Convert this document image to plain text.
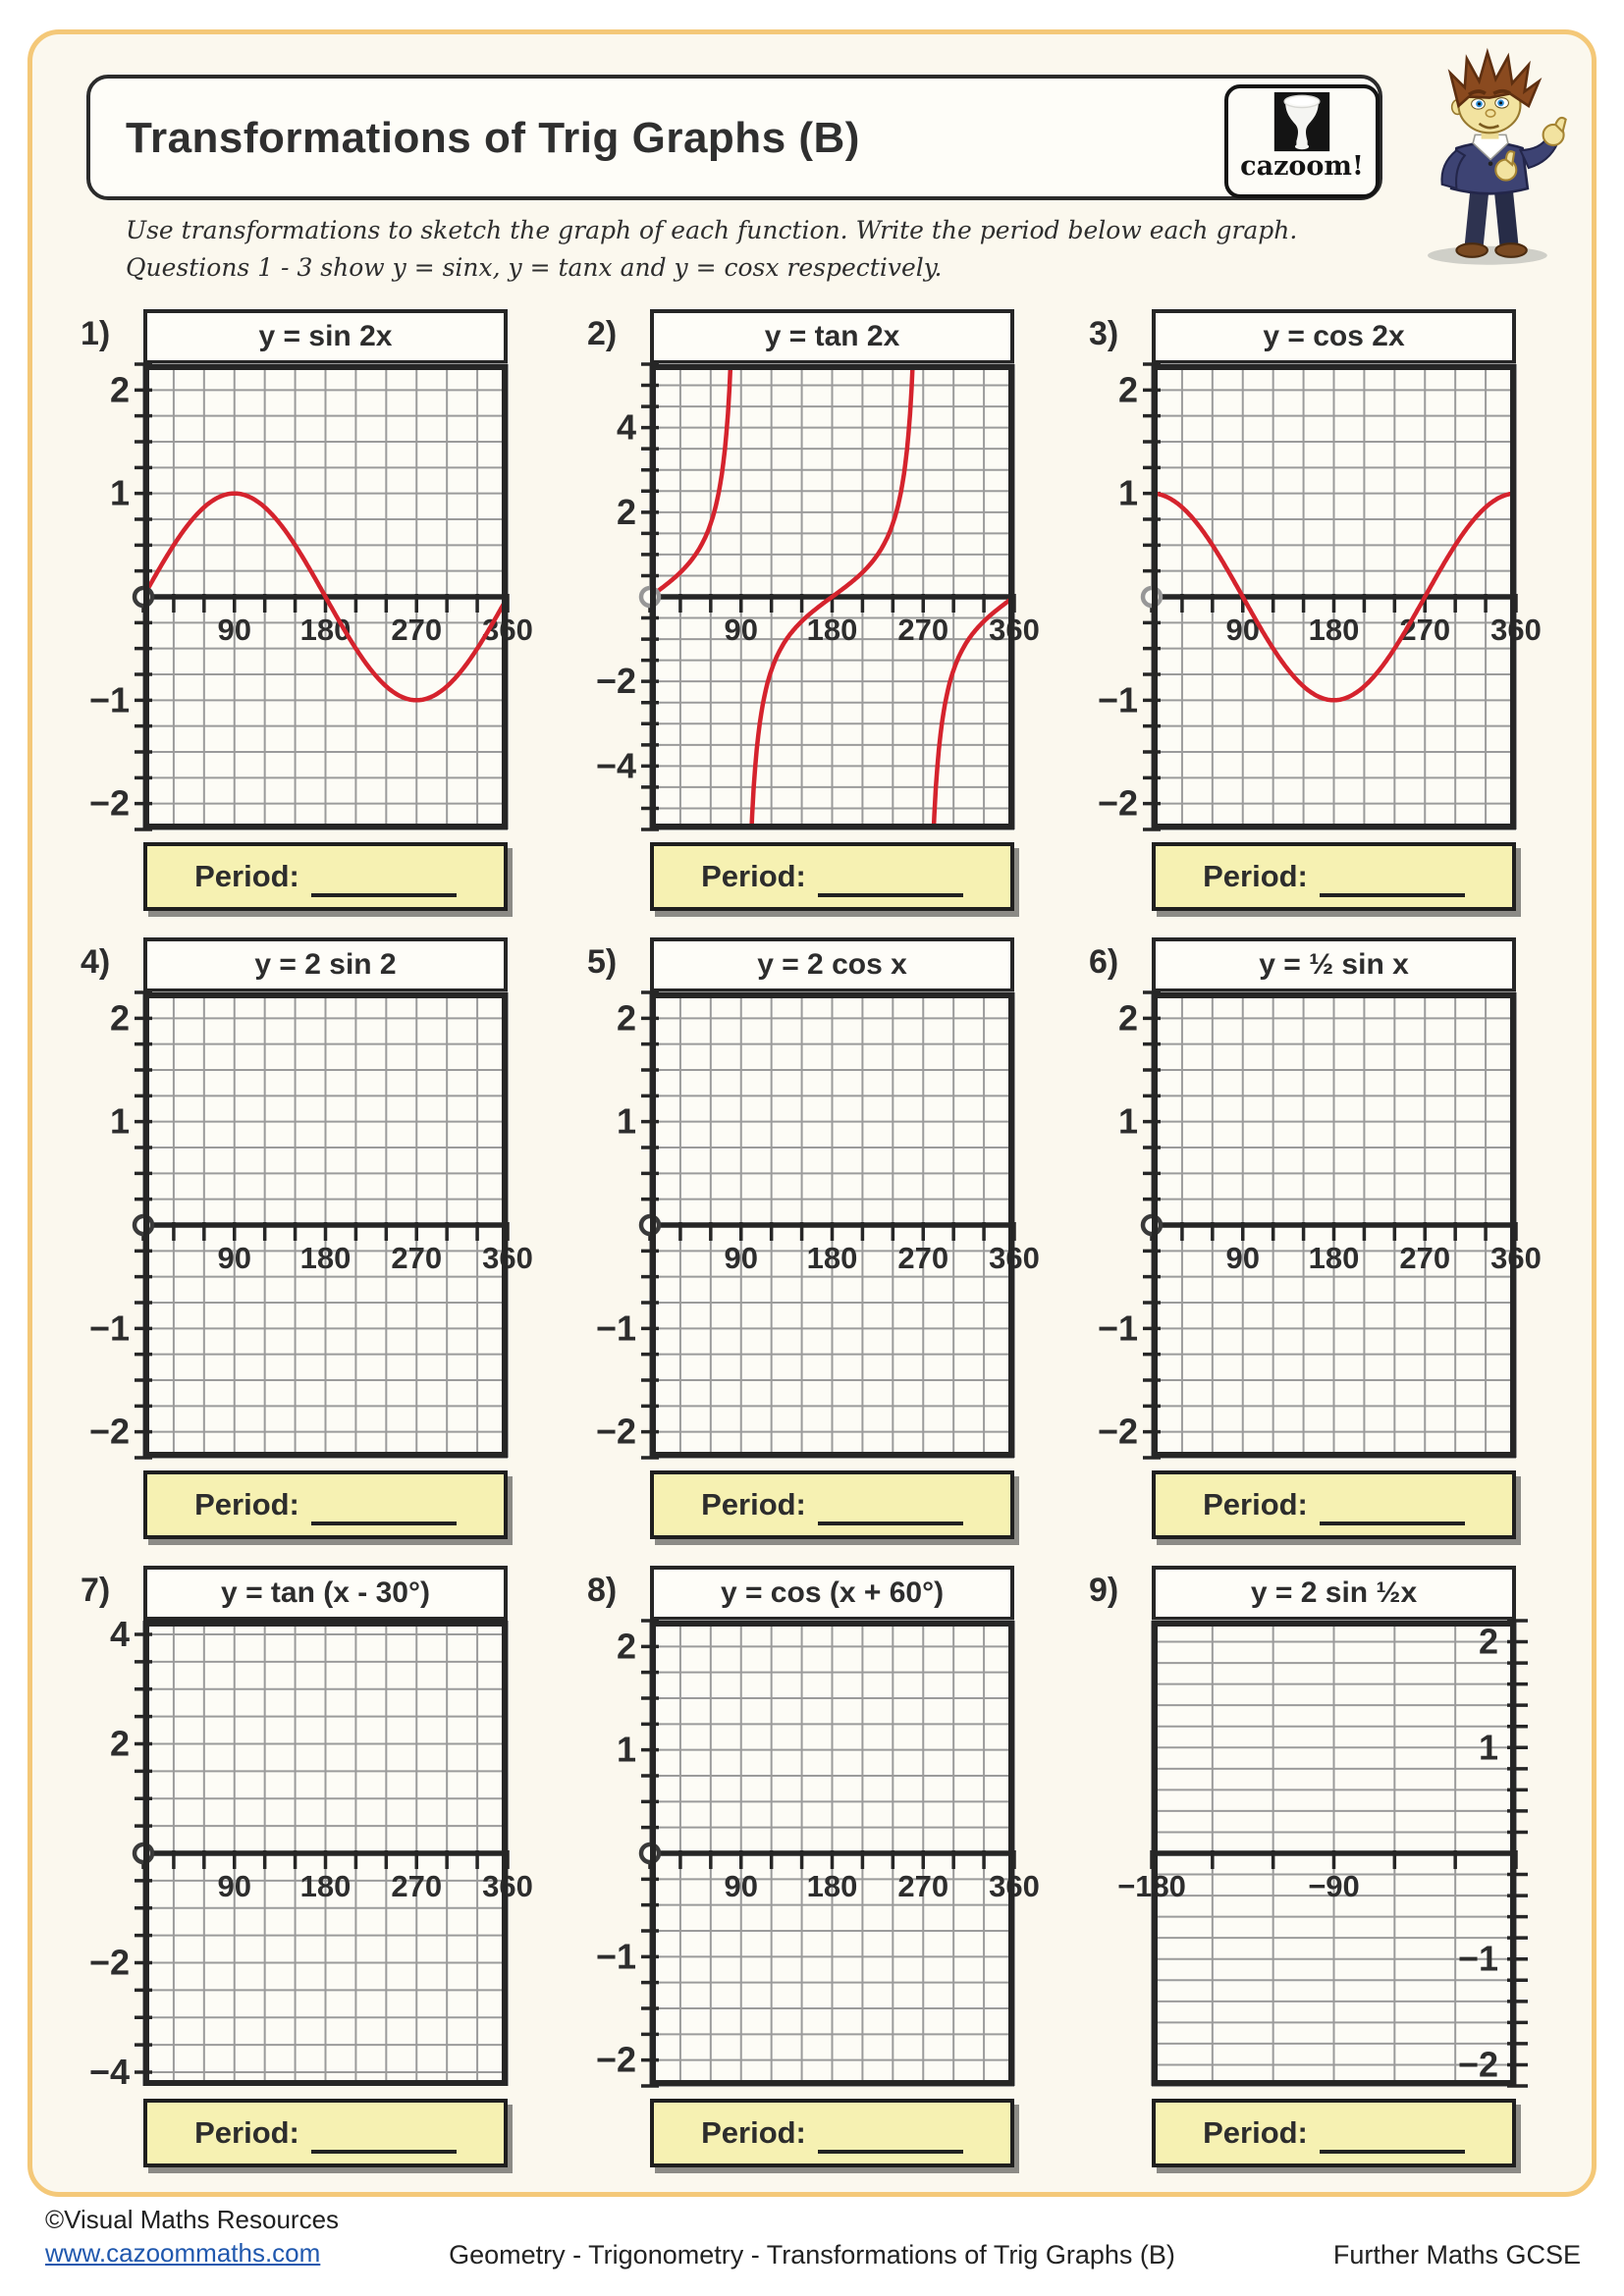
Transformations of Trig Graphs (B)
cazoom!
Use transformations to sketch the graph of each function. Write the period below each graph.
Questions 1 - 3 show y = sinx, y = tanx and y = cosx respectively.
1)	y = sin 2x
90 180 270 360
2
1
−1
−2
Period:
2)	y = tan 2x
90 180 270 360
4
2
−2
−4
Period:
3)	y = cos 2x
90 180 270 360
2
1
−1
−2
Period:
4)	y = 2 sin 2
90 180 270 360
2
1
−1
−2
Period:
5)	y = 2 cos x
90 180 270 360
2
1
−1
−2
Period:
6)	y = ½ sin x
90 180 270 360
2
1
−1
−2
Period:
7)	y = tan (x - 30°)
90 180 270 360
4
2
−2
−4
Period:
8)	y = cos (x + 60°)
90 180 270 360
2
1
−1
−2
Period:
9)	y = 2 sin ½x
−180	−90
2
1
−1
−2
Period:
©Visual Maths Resources
www.cazoommaths.com	Geometry - Trigonometry - Transformations of Trig Graphs (B)	Further Maths GCSE
